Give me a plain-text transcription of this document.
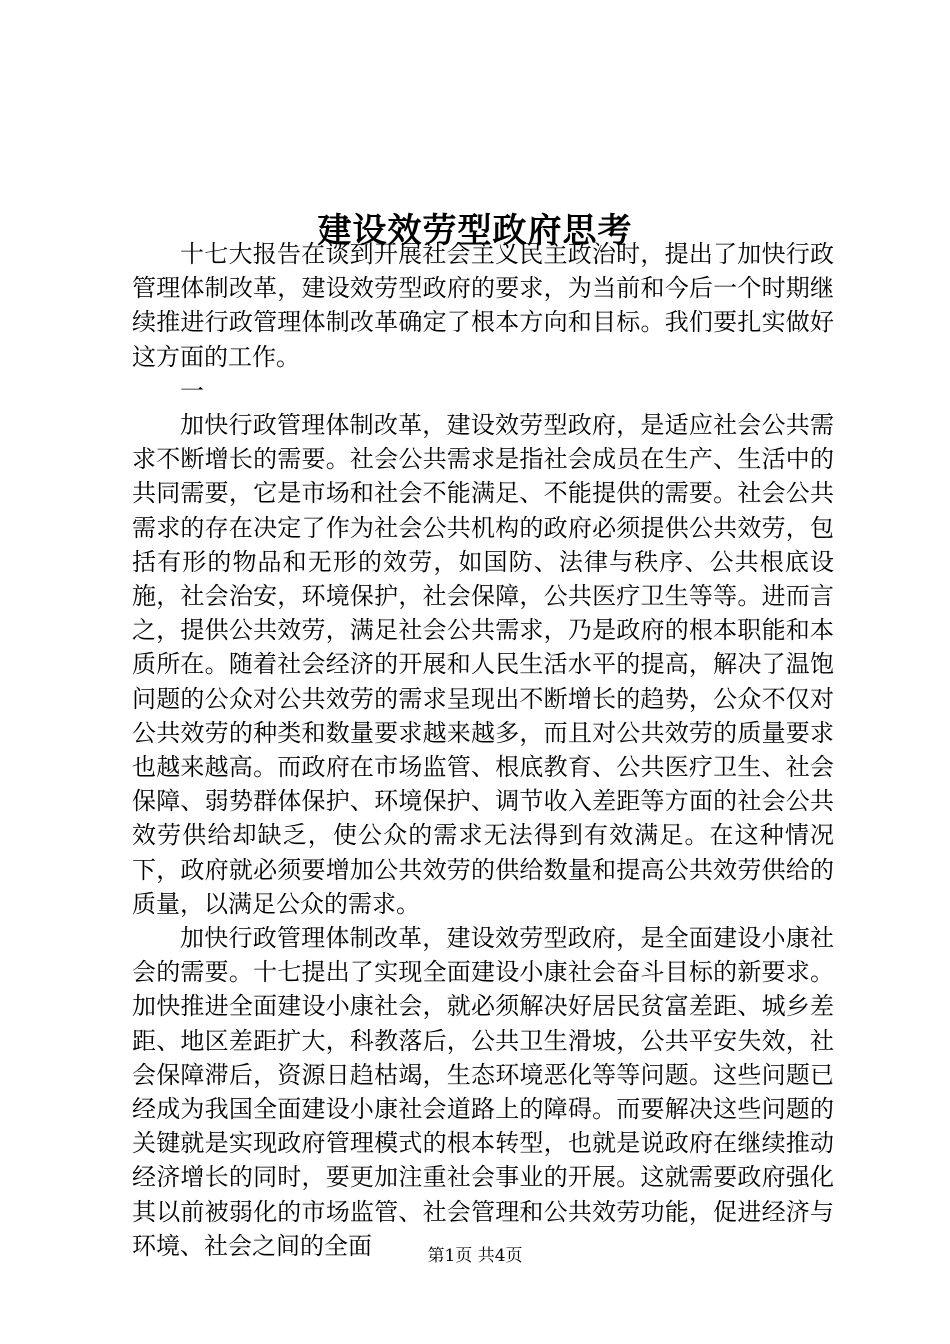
建设效劳型政府思考

十七大报告在谈到开展社会主义民主政治时，提出了加快行政管理体制改革，建设效劳型政府的要求，为当前和今后一个时期继续推进行政管理体制改革确定了根本方向和目标。我们要扎实做好这方面的工作。

一

加快行政管理体制改革，建设效劳型政府，是适应社会公共需求不断增长的需要。社会公共需求是指社会成员在生产、生活中的共同需要，它是市场和社会不能满足、不能提供的需要。社会公共需求的存在决定了作为社会公共机构的政府必须提供公共效劳，包括有形的物品和无形的效劳，如国防、法律与秩序、公共根底设施，社会治安，环境保护，社会保障，公共医疗卫生等等。进而言之，提供公共效劳，满足社会公共需求，乃是政府的根本职能和本质所在。随着社会经济的开展和人民生活水平的提高，解决了温饱问题的公众对公共效劳的需求呈现出不断增长的趋势，公众不仅对公共效劳的种类和数量要求越来越多，而且对公共效劳的质量要求也越来越高。而政府在市场监管、根底教育、公共医疗卫生、社会保障、弱势群体保护、环境保护、调节收入差距等方面的社会公共效劳供给却缺乏，使公众的需求无法得到有效满足。在这种情况下，政府就必须要增加公共效劳的供给数量和提高公共效劳供给的质量，以满足公众的需求。

加快行政管理体制改革，建设效劳型政府，是全面建设小康社会的需要。十七提出了实现全面建设小康社会奋斗目标的新要求。加快推进全面建设小康社会，就必须解决好居民贫富差距、城乡差距、地区差距扩大，科教落后，公共卫生滑坡，公共平安失效，社会保障滞后，资源日趋枯竭，生态环境恶化等等问题。这些问题已经成为我国全面建设小康社会道路上的障碍。而要解决这些问题的关键就是实现政府管理模式的根本转型，也就是说政府在继续推动经济增长的同时，要更加注重社会事业的开展。这就需要政府强化其以前被弱化的市场监管、社会管理和公共效劳功能，促进经济与环境、社会之间的全面	第1页 共4页
